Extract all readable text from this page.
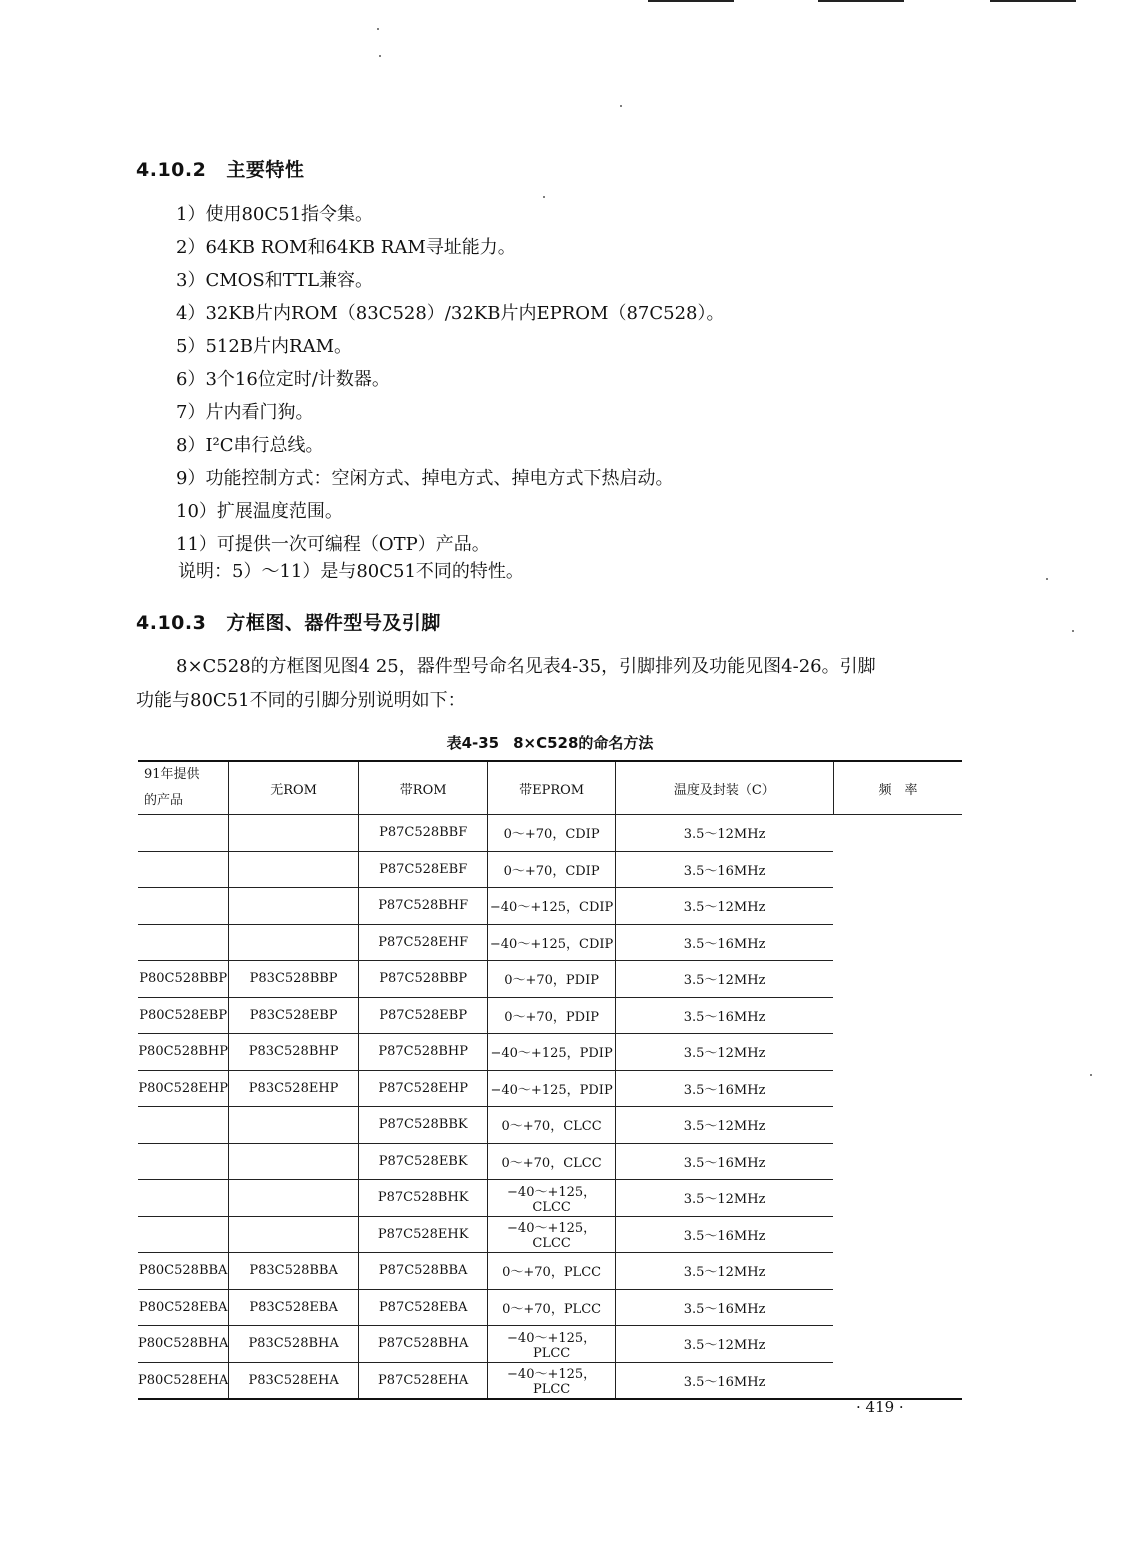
4.10.2 主要特性
1）使用80C51指令集。
2）64KB ROM和64KB RAM寻址能力。
3）CMOS和TTL兼容。
4）32KB片内ROM（83C528）/32KB片内EPROM（87C528）。
5）512B片内RAM。
6）3个16位定时/计数器。
7）片内看门狗。
8）I²C串行总线。
9）功能控制方式：空闲方式、掉电方式、掉电方式下热启动。
10）扩展温度范围。
11）可提供一次可编程（OTP）产品。
说明：5）～11）是与80C51不同的特性。
4.10.3 方框图、器件型号及引脚
8×C528的方框图见图4 25，器件型号命名见表4-35，引脚排列及功能见图4-26。引脚
功能与80C51不同的引脚分别说明如下：
表4-35 8×C528的命名方法
91年提供的产品	无ROM	带ROM	带EPROM	温度及封装（C）	频　率
		P87C528BBF	0～+70，CDIP	3.5～12MHz	
		P87C528EBF	0～+70，CDIP	3.5～16MHz	
		P87C528BHF	−40～+125，CDIP	3.5～12MHz	
		P87C528EHF	−40～+125，CDIP	3.5～16MHz	
P80C528BBP	P83C528BBP	P87C528BBP	0～+70，PDIP	3.5～12MHz	
P80C528EBP	P83C528EBP	P87C528EBP	0～+70，PDIP	3.5～16MHz	
P80C528BHP	P83C528BHP	P87C528BHP	−40～+125，PDIP	3.5～12MHz	
P80C528EHP	P83C528EHP	P87C528EHP	−40～+125，PDIP	3.5～16MHz	
		P87C528BBK	0～+70，CLCC	3.5～12MHz	
		P87C528EBK	0～+70，CLCC	3.5～16MHz	
		P87C528BHK	−40～+125，CLCC	3.5～12MHz	
		P87C528EHK	−40～+125，CLCC	3.5～16MHz	
P80C528BBA	P83C528BBA	P87C528BBA	0～+70，PLCC	3.5～12MHz	
P80C528EBA	P83C528EBA	P87C528EBA	0～+70，PLCC	3.5～16MHz	
P80C528BHA	P83C528BHA	P87C528BHA	−40～+125，PLCC	3.5～12MHz	
P80C528EHA	P83C528EHA	P87C528EHA	−40～+125，PLCC	3.5～16MHz	
· 419 ·
